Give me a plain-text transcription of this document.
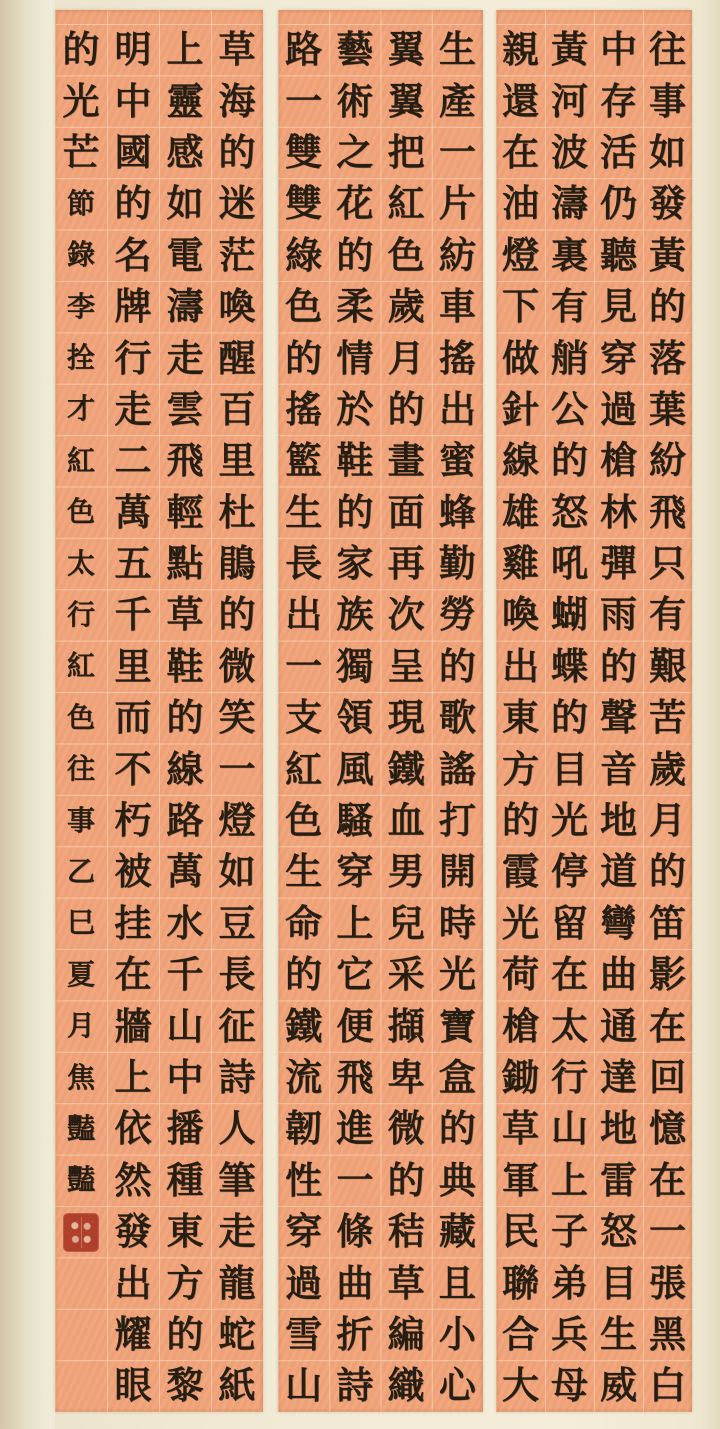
往
事
如
發
黃
的
落
葉
紛
飛
只
有
艱
苦
歲
月
的
笛
影
在
回
憶
在
一
張
黑
白
中
存
活
仍
聽
見
穿
過
槍
林
彈
雨
的
聲
音
地
道
彎
曲
通
達
地
雷
怒
目
生
威
黃
河
波
濤
裏
有
艄
公
的
怒
吼
蝴
蝶
的
目
光
停
留
在
太
行
山
上
子
弟
兵
母
親
還
在
油
燈
下
做
針
線
雄
雞
喚
出
東
方
的
霞
光
荷
槍
鋤
草
軍
民
聯
合
大
生
產
一
片
紡
車
搖
出
蜜
蜂
勤
勞
的
歌
謠
打
開
時
光
寶
盒
的
典
藏
且
小
心
翼
翼
把
紅
色
歲
月
的
畫
面
再
次
呈
現
鐵
血
男
兒
采
擷
卑
微
的
秸
草
編
織
藝
術
之
花
的
柔
情
於
鞋
的
家
族
獨
領
風
騷
穿
上
它
便
飛
進
一
條
曲
折
詩
路
一
雙
雙
綠
色
的
搖
籃
生
長
出
一
支
紅
色
生
命
的
鐵
流
韌
性
穿
過
雪
山
草
海
的
迷
茫
喚
醒
百
里
杜
鵑
的
微
笑
一
燈
如
豆
長
征
詩
人
筆
走
龍
蛇
紙
上
靈
感
如
電
濤
走
雲
飛
輕
點
草
鞋
的
線
路
萬
水
千
山
中
播
種
東
方
的
黎
明
中
國
的
名
牌
行
走
二
萬
五
千
里
而
不
朽
被
挂
在
牆
上
依
然
發
出
耀
眼
的
光
芒
節
錄
李
拴
才
紅
色
太
行
紅
色
往
事
乙
巳
夏
月
焦
豔
豔
